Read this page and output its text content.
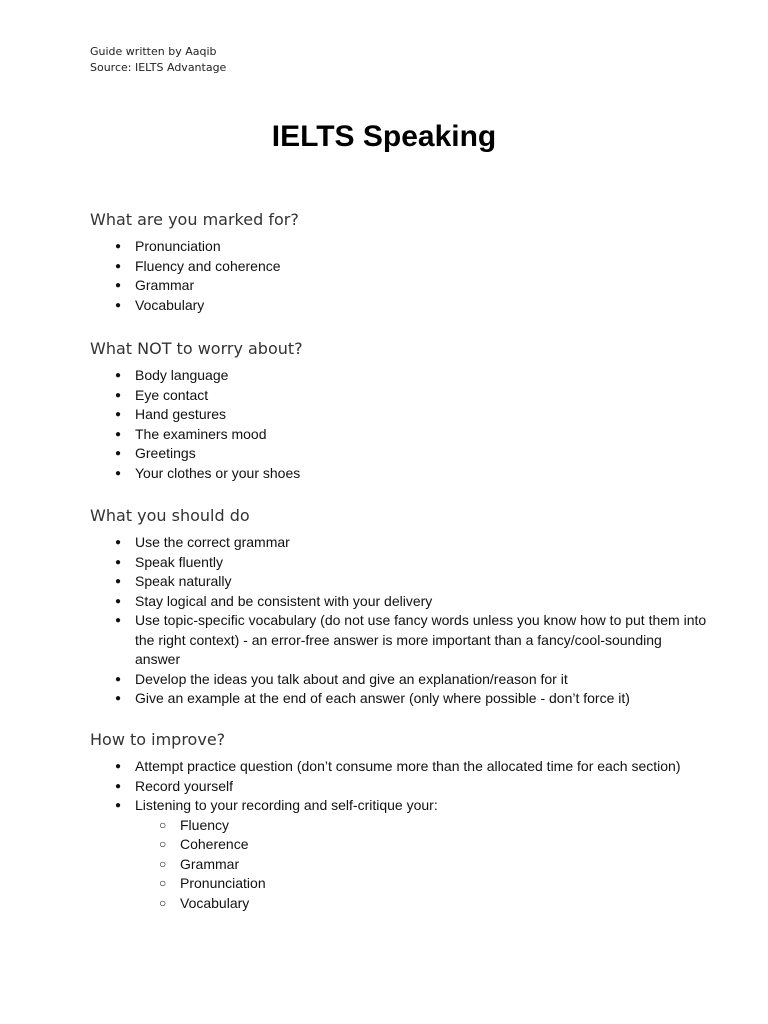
Guide written by Aaqib
Source: IELTS Advantage
IELTS Speaking
What are you marked for?
● Pronunciation
● Fluency and coherence
● Grammar
● Vocabulary
What NOT to worry about?
● Body language
● Eye contact
● Hand gestures
● The examiners mood
● Greetings
● Your clothes or your shoes
What you should do
● Use the correct grammar
● Speak fluently
● Speak naturally
● Stay logical and be consistent with your delivery
● Use topic-specific vocabulary (do not use fancy words unless you know how to put them into the right context) - an error-free answer is more important than a fancy/cool-sounding answer
● Develop the ideas you talk about and give an explanation/reason for it
● Give an example at the end of each answer (only where possible - don’t force it)
How to improve?
● Attempt practice question (don’t consume more than the allocated time for each section)
● Record yourself
● Listening to your recording and self-critique your:
○ Fluency
○ Coherence
○ Grammar
○ Pronunciation
○ Vocabulary
